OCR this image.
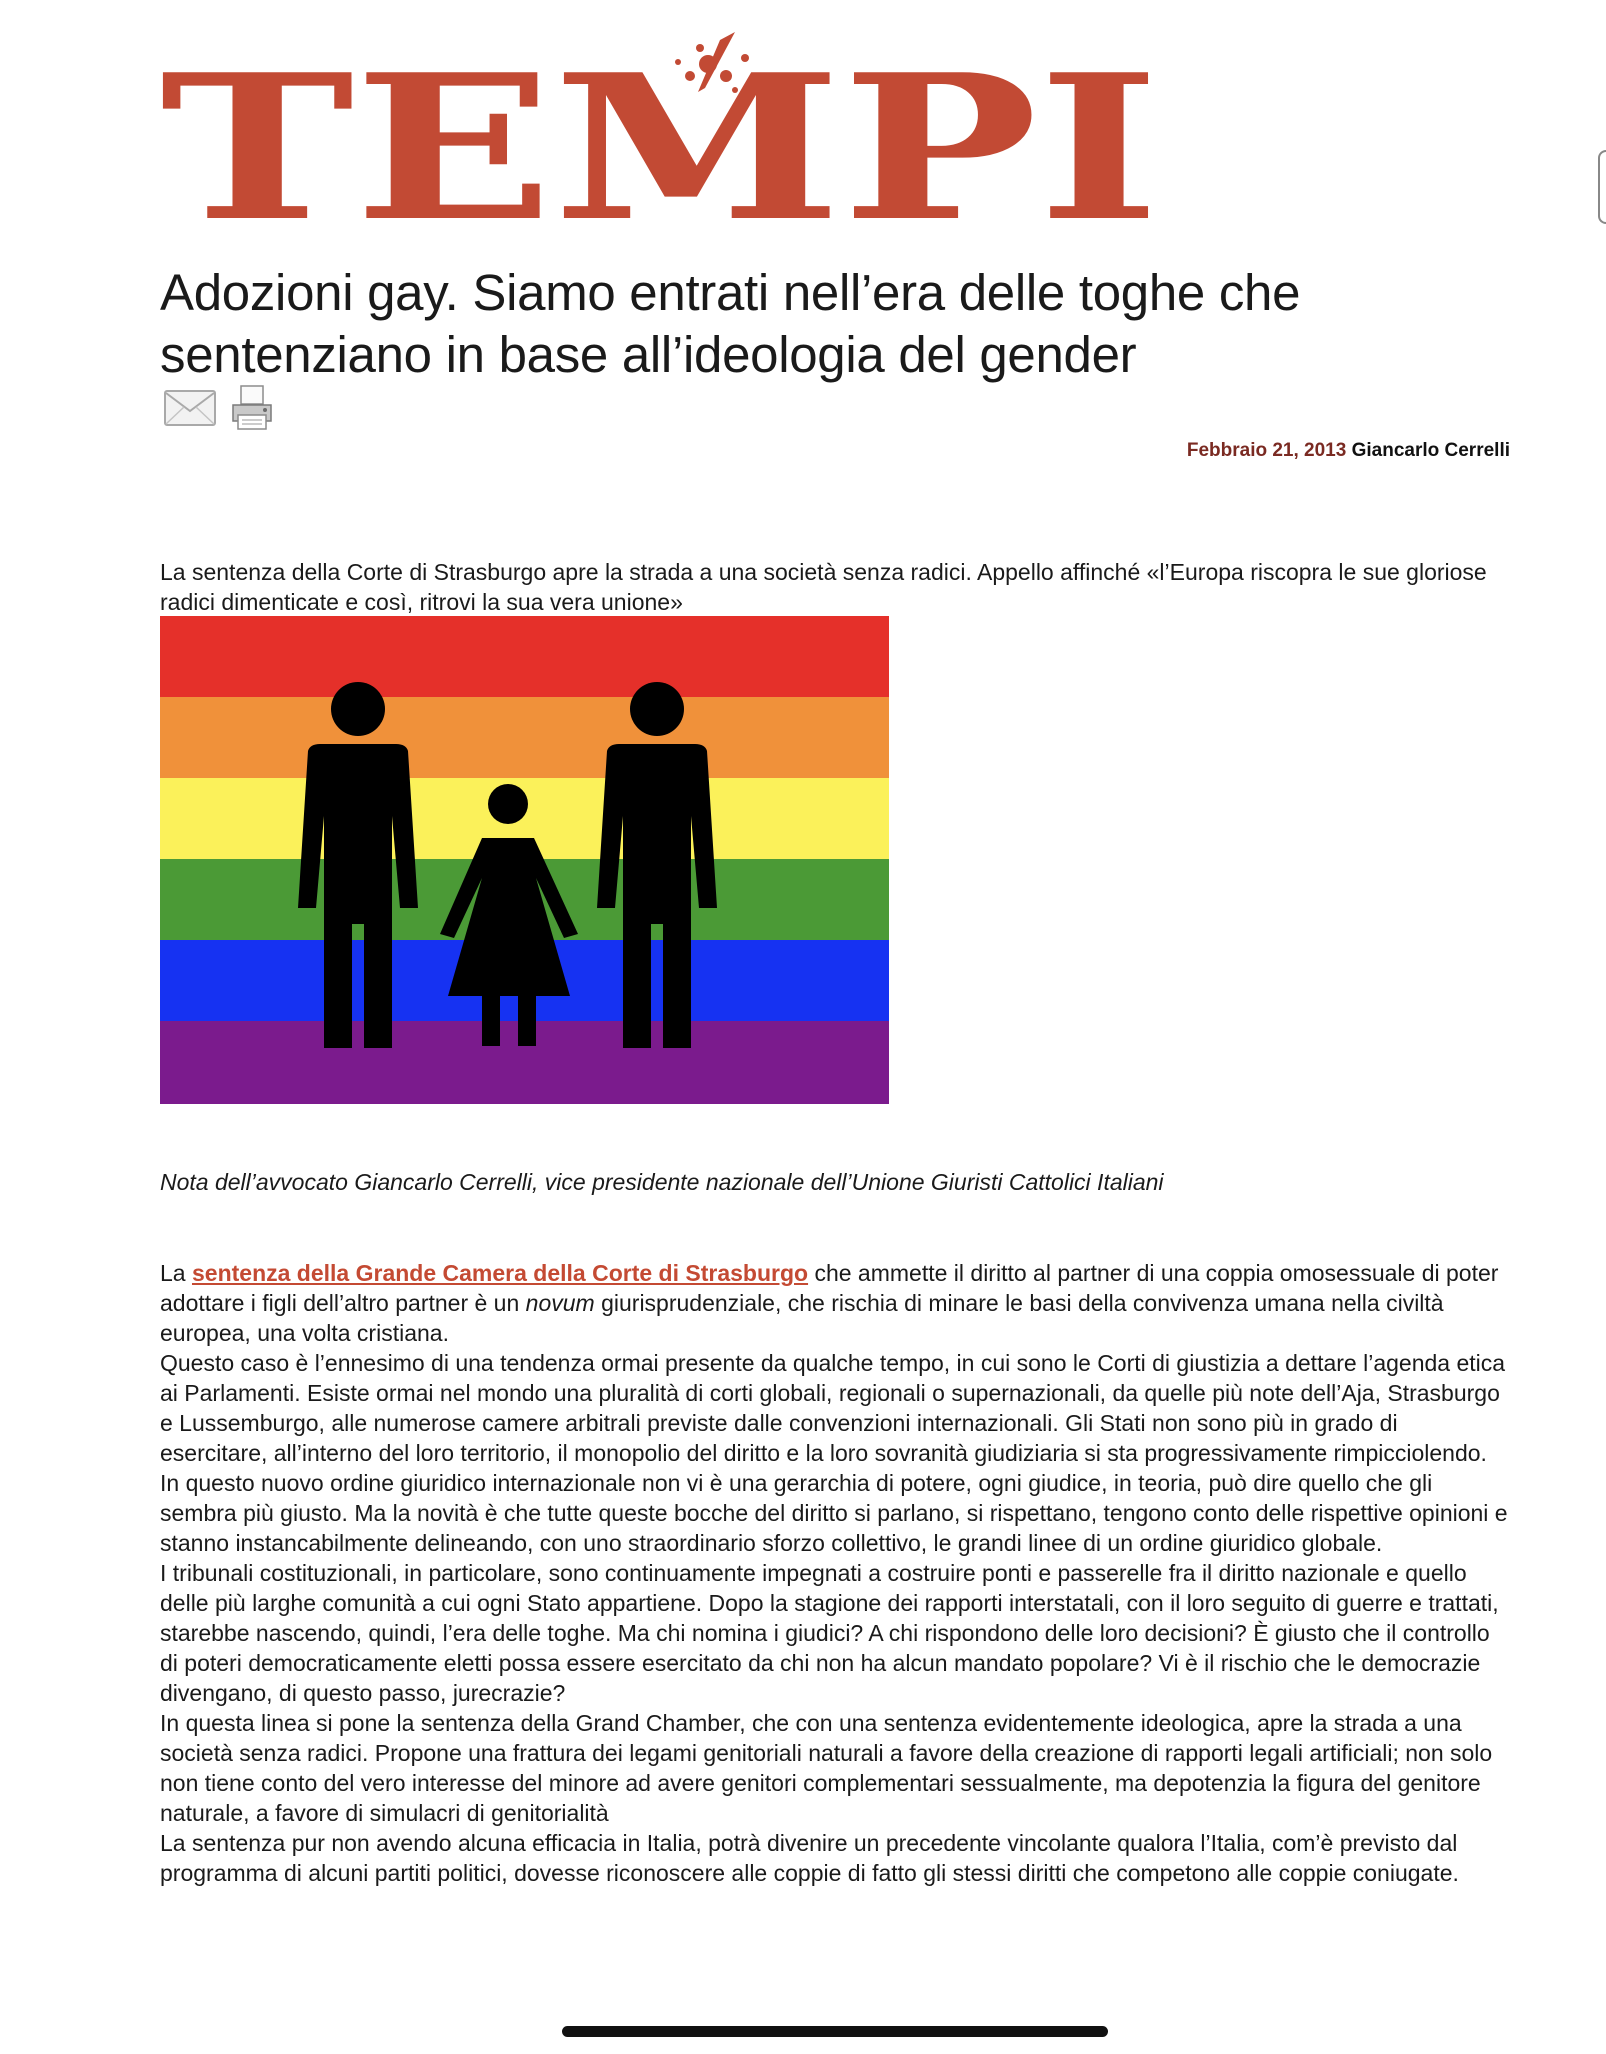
TEMPI
Adozioni gay. Siamo entrati nell’era delle toghe che sentenziano in base all’ideologia del gender
Febbraio 21, 2013 Giancarlo Cerrelli
La sentenza della Corte di Strasburgo apre la strada a una società senza radici. Appello affinché «l’Europa riscopra le sue gloriose radici dimenticate e così, ritrovi la sua vera unione»
Nota dell’avvocato Giancarlo Cerrelli, vice presidente nazionale dell’Unione Giuristi Cattolici Italiani

La sentenza della Grande Camera della Corte di Strasburgo che ammette il diritto al partner di una coppia omosessuale di poter adottare i figli dell’altro partner è un novum giurisprudenziale, che rischia di minare le basi della convivenza umana nella civiltà europea, una volta cristiana.

Questo caso è l’ennesimo di una tendenza ormai presente da qualche tempo, in cui sono le Corti di giustizia a dettare l’agenda etica ai Parlamenti. Esiste ormai nel mondo una pluralità di corti globali, regionali o supernazionali, da quelle più note dell’Aja, Strasburgo e Lussemburgo, alle numerose camere arbitrali previste dalle convenzioni internazionali. Gli Stati non sono più in grado di esercitare, all’interno del loro territorio, il monopolio del diritto e la loro sovranità giudiziaria si sta progressivamente rimpicciolendo.

In questo nuovo ordine giuridico internazionale non vi è una gerarchia di potere, ogni giudice, in teoria, può dire quello che gli sembra più giusto. Ma la novità è che tutte queste bocche del diritto si parlano, si rispettano, tengono conto delle rispettive opinioni e stanno instancabilmente delineando, con uno straordinario sforzo collettivo, le grandi linee di un ordine giuridico globale.

I tribunali costituzionali, in particolare, sono continuamente impegnati a costruire ponti e passerelle fra il diritto nazionale e quello delle più larghe comunità a cui ogni Stato appartiene. Dopo la stagione dei rapporti interstatali, con il loro seguito di guerre e trattati, starebbe nascendo, quindi, l’era delle toghe. Ma chi nomina i giudici? A chi rispondono delle loro decisioni? È giusto che il controllo di poteri democraticamente eletti possa essere esercitato da chi non ha alcun mandato popolare? Vi è il rischio che le democrazie divengano, di questo passo, jurecrazie?

In questa linea si pone la sentenza della Grand Chamber, che con una sentenza evidentemente ideologica, apre la strada a una società senza radici. Propone una frattura dei legami genitoriali naturali a favore della creazione di rapporti legali artificiali; non solo non tiene conto del vero interesse del minore ad avere genitori complementari sessualmente, ma depotenzia la figura del genitore naturale, a favore di simulacri di genitorialità

La sentenza pur non avendo alcuna efficacia in Italia, potrà divenire un precedente vincolante qualora l’Italia, com’è previsto dal programma di alcuni partiti politici, dovesse riconoscere alle coppie di fatto gli stessi diritti che competono alle coppie coniugate.
